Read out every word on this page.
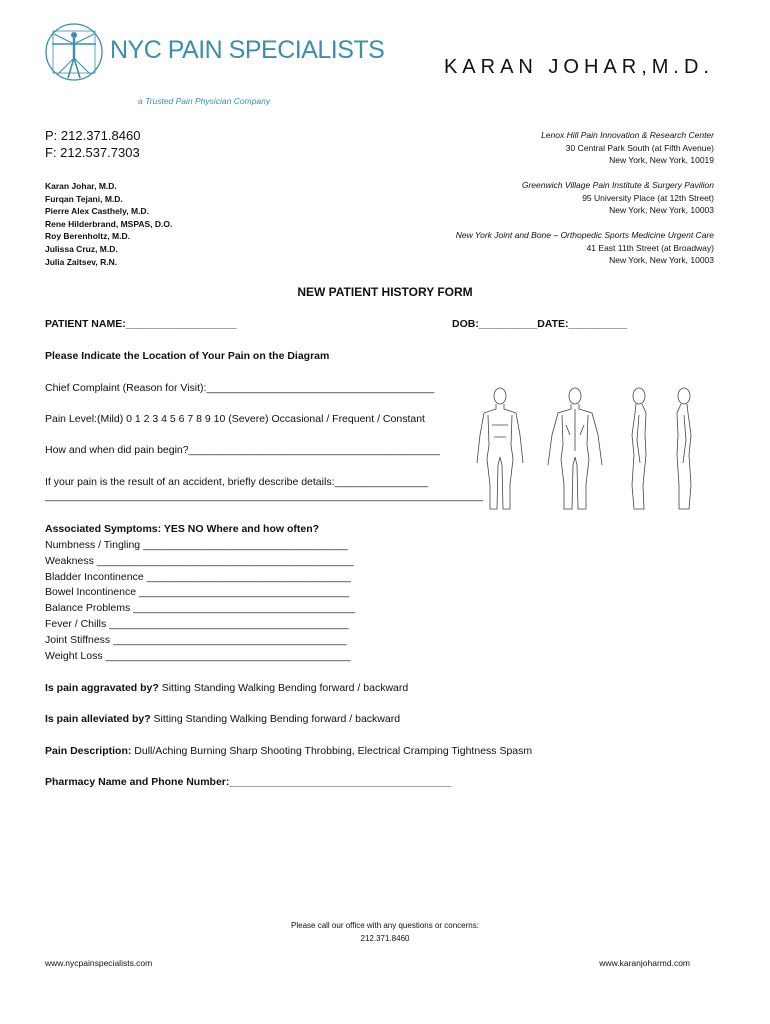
NYC PAIN SPECIALISTS
a Trusted Pain Physician Company
KARAN JOHAR,M.D.
P: 212.371.8460
F: 212.537.7303
Karan Johar, M.D.
Furqan Tejani, M.D.
Pierre Alex Casthely, M.D.
Rene Hilderbrand, MSPAS, D.O.
Roy Berenholtz, M.D.
Julissa Cruz, M.D.
Julia Zaitsev, R.N.
Lenox Hill Pain Innovation & Research Center
30 Central Park South (at Fifth Avenue)
New York, New York, 10019
Greenwich Village Pain Institute & Surgery Pavilion
95 University Place (at 12th Street)
New York, New York, 10003
New York Joint and Bone – Orthopedic Sports Medicine Urgent Care
41 East 11th Street (at Broadway)
New York, New York, 10003
NEW PATIENT HISTORY FORM
PATIENT NAME:___________________	DOB:__________DATE:__________
Please Indicate the Location of Your Pain on the Diagram
Chief Complaint (Reason for Visit):_______________________________________
Pain Level:(Mild) 0 1 2 3 4 5 6 7 8 9 10 (Severe) Occasional / Frequent / Constant
How and when did pain begin?___________________________________________
If your pain is the result of an accident, briefly describe details:________________
___________________________________________________________________________
Associated Symptoms: YES NO Where and how often?
Numbness / Tingling ___________________________________
Weakness ____________________________________________
Bladder Incontinence ___________________________________
Bowel Incontinence ____________________________________
Balance Problems ______________________________________
Fever / Chills _________________________________________
Joint Stiffness ________________________________________
Weight Loss __________________________________________
Is pain aggravated by? Sitting Standing Walking Bending forward / backward
Is pain alleviated by? Sitting Standing Walking Bending forward / backward
Pain Description: Dull/Aching Burning Sharp Shooting Throbbing, Electrical Cramping Tightness Spasm
Pharmacy Name and Phone Number:______________________________________
Please call our office with any questions or concerns:
212.371.8460
www.nycpainspecialists.com	www.karanjoharmd.com
